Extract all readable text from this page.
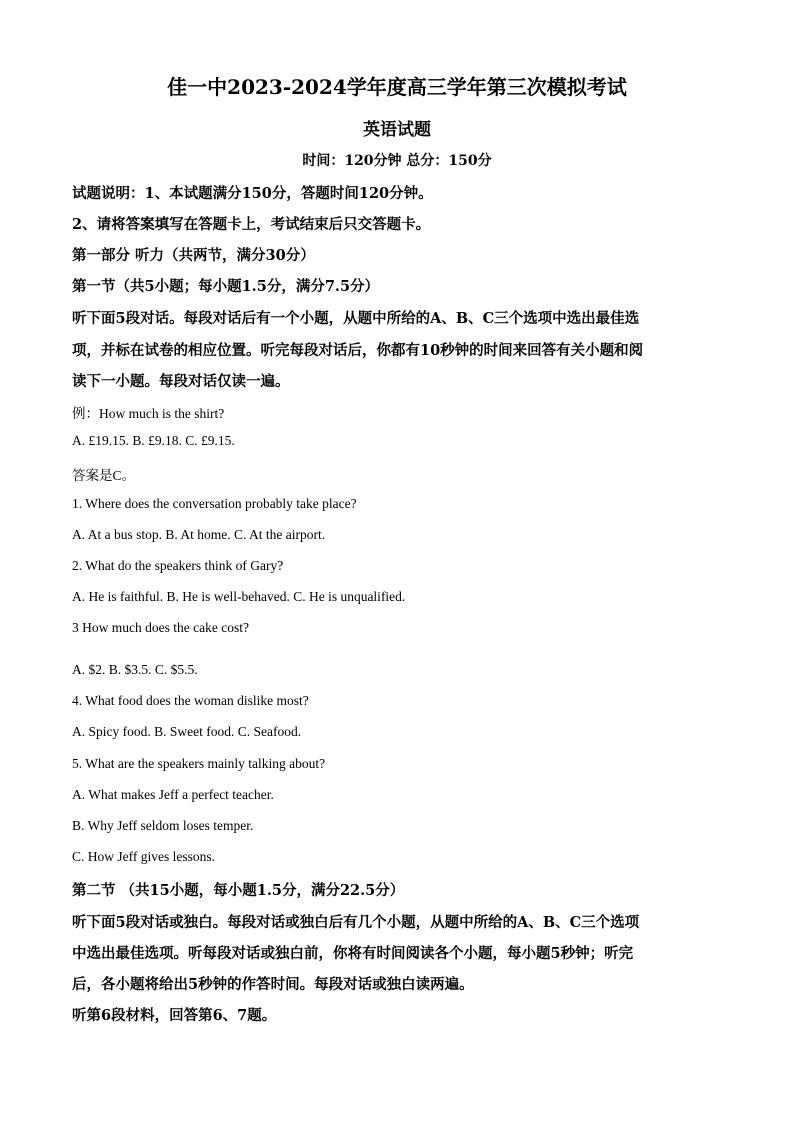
佳一中2023-2024学年度高三学年第三次模拟考试
英语试题
时间：120分钟 总分：150分
试题说明：1、本试题满分150分，答题时间120分钟。
2、请将答案填写在答题卡上，考试结束后只交答题卡。
第一部分 听力（共两节，满分30分）
第一节（共5小题；每小题1.5分，满分7.5分）
听下面5段对话。每段对话后有一个小题，从题中所给的A、B、C三个选项中选出最佳选
项，并标在试卷的相应位置。听完每段对话后，你都有10秒钟的时间来回答有关小题和阅
读下一小题。每段对话仅读一遍。
例：How much is the shirt?
A. £19.15. B. £9.18. C. £9.15.
答案是C。
1. Where does the conversation probably take place?
A. At a bus stop. B. At home. C. At the airport.
2. What do the speakers think of Gary?
A. He is faithful. B. He is well-behaved. C. He is unqualified.
3 How much does the cake cost?
A. $2. B. $3.5. C. $5.5.
4. What food does the woman dislike most?
A. Spicy food. B. Sweet food. C. Seafood.
5. What are the speakers mainly talking about?
A. What makes Jeff a perfect teacher.
B. Why Jeff seldom loses temper.
C. How Jeff gives lessons.
第二节 （共15小题，每小题1.5分，满分22.5分）
听下面5段对话或独白。每段对话或独白后有几个小题，从题中所给的A、B、C三个选项
中选出最佳选项。听每段对话或独白前，你将有时间阅读各个小题，每小题5秒钟；听完
后，各小题将给出5秒钟的作答时间。每段对话或独白读两遍。
听第6段材料，回答第6、7题。
